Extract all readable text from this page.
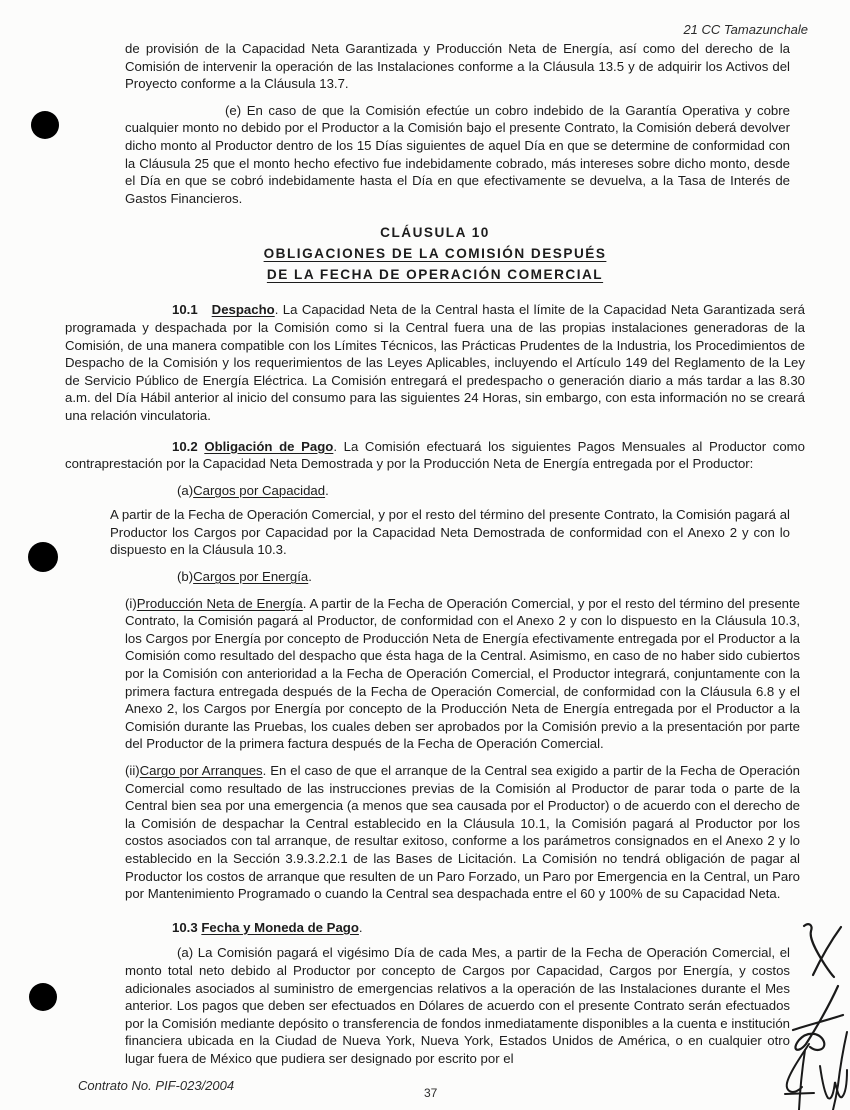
21 CC Tamazunchale

de provisión de la Capacidad Neta Garantizada y Producción Neta de Energía, así como del derecho de la Comisión de intervenir la operación de las Instalaciones conforme a la Cláusula 13.5 y de adquirir los Activos del Proyecto conforme a la Cláusula 13.7.

(e) En caso de que la Comisión efectúe un cobro indebido de la Garantía Operativa y cobre cualquier monto no debido por el Productor a la Comisión bajo el presente Contrato, la Comisión deberá devolver dicho monto al Productor dentro de los 15 Días siguientes de aquel Día en que se determine de conformidad con la Cláusula 25 que el monto hecho efectivo fue indebidamente cobrado, más intereses sobre dicho monto, desde el Día en que se cobró indebidamente hasta el Día en que efectivamente se devuelva, a la Tasa de Interés de Gastos Financieros.

CLÁUSULA 10
OBLIGACIONES DE LA COMISIÓN DESPUÉS
DE LA FECHA DE OPERACIÓN COMERCIAL

10.1 Despacho. La Capacidad Neta de la Central hasta el límite de la Capacidad Neta Garantizada será programada y despachada por la Comisión como si la Central fuera una de las propias instalaciones generadoras de la Comisión, de una manera compatible con los Límites Técnicos, las Prácticas Prudentes de la Industria, los Procedimientos de Despacho de la Comisión y los requerimientos de las Leyes Aplicables, incluyendo el Artículo 149 del Reglamento de la Ley de Servicio Público de Energía Eléctrica. La Comisión entregará el predespacho o generación diario a más tardar a las 8.30 a.m. del Día Hábil anterior al inicio del consumo para las siguientes 24 Horas, sin embargo, con esta información no se creará una relación vinculatoria.

10.2 Obligación de Pago. La Comisión efectuará los siguientes Pagos Mensuales al Productor como contraprestación por la Capacidad Neta Demostrada y por la Producción Neta de Energía entregada por el Productor:

(a)Cargos por Capacidad.

A partir de la Fecha de Operación Comercial, y por el resto del término del presente Contrato, la Comisión pagará al Productor los Cargos por Capacidad por la Capacidad Neta Demostrada de conformidad con el Anexo 2 y con lo dispuesto en la Cláusula 10.3.

(b)Cargos por Energía.

(i)Producción Neta de Energía. A partir de la Fecha de Operación Comercial, y por el resto del término del presente Contrato, la Comisión pagará al Productor, de conformidad con el Anexo 2 y con lo dispuesto en la Cláusula 10.3, los Cargos por Energía por concepto de Producción Neta de Energía efectivamente entregada por el Productor a la Comisión como resultado del despacho que ésta haga de la Central. Asimismo, en caso de no haber sido cubiertos por la Comisión con anterioridad a la Fecha de Operación Comercial, el Productor integrará, conjuntamente con la primera factura entregada después de la Fecha de Operación Comercial, de conformidad con la Cláusula 6.8 y el Anexo 2, los Cargos por Energía por concepto de la Producción Neta de Energía entregada por el Productor a la Comisión durante las Pruebas, los cuales deben ser aprobados por la Comisión previo a la presentación por parte del Productor de la primera factura después de la Fecha de Operación Comercial.

(ii)Cargo por Arranques. En el caso de que el arranque de la Central sea exigido a partir de la Fecha de Operación Comercial como resultado de las instrucciones previas de la Comisión al Productor de parar toda o parte de la Central bien sea por una emergencia (a menos que sea causada por el Productor) o de acuerdo con el derecho de la Comisión de despachar la Central establecido en la Cláusula 10.1, la Comisión pagará al Productor por los costos asociados con tal arranque, de resultar exitoso, conforme a los parámetros consignados en el Anexo 2 y lo establecido en la Sección 3.9.3.2.2.1 de las Bases de Licitación. La Comisión no tendrá obligación de pagar al Productor los costos de arranque que resulten de un Paro Forzado, un Paro por Emergencia en la Central, un Paro por Mantenimiento Programado o cuando la Central sea despachada entre el 60 y 100% de su Capacidad Neta.

10.3 Fecha y Moneda de Pago.

(a) La Comisión pagará el vigésimo Día de cada Mes, a partir de la Fecha de Operación Comercial, el monto total neto debido al Productor por concepto de Cargos por Capacidad, Cargos por Energía, y costos adicionales asociados al suministro de emergencias relativos a la operación de las Instalaciones durante el Mes anterior. Los pagos que deben ser efectuados en Dólares de acuerdo con el presente Contrato serán efectuados por la Comisión mediante depósito o transferencia de fondos inmediatamente disponibles a la cuenta e institución financiera ubicada en la Ciudad de Nueva York, Nueva York, Estados Unidos de América, o en cualquier otro lugar fuera de México que pudiera ser designado por escrito por el

Contrato No. PIF-023/2004	37
